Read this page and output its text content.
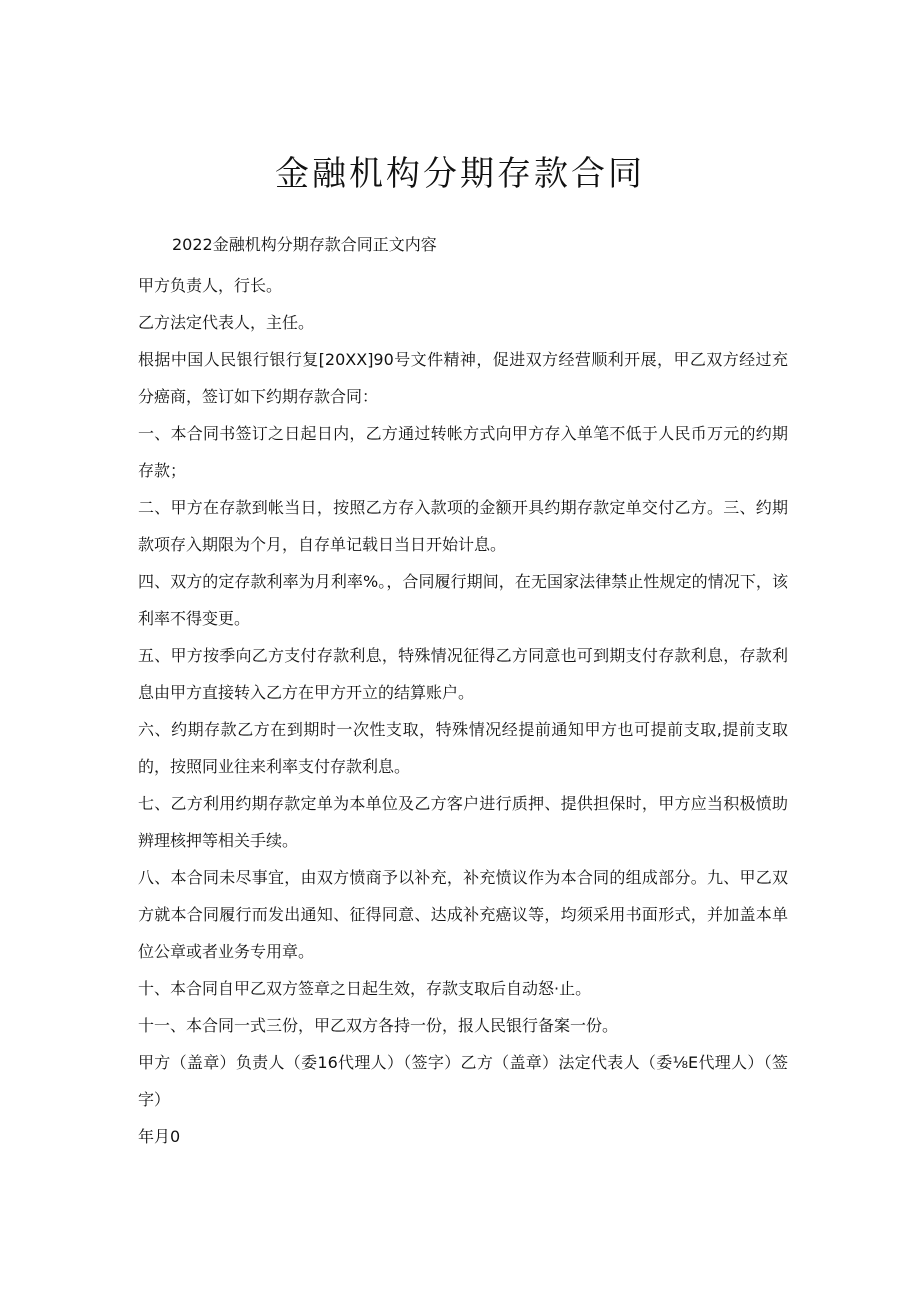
金融机构分期存款合同

2022金融机构分期存款合同正文内容

甲方负责人，行长。

乙方法定代表人，主任。

根据中国人民银行银行复[20XX]90号文件精神，促进双方经营顺利开展，甲乙双方经过充分癌商，签订如下约期存款合同：

一、本合同书签订之日起日内，乙方通过转帐方式向甲方存入单笔不低于人民币万元的约期存款；

二、甲方在存款到帐当日，按照乙方存入款项的金额开具约期存款定单交付乙方。三、约期款项存入期限为个月，自存单记载日当日开始计息。

四、双方的定存款利率为月利率%。，合同履行期间，在无国家法律禁止性规定的情况下，该利率不得变更。

五、甲方按季向乙方支付存款利息，特殊情况征得乙方同意也可到期支付存款利息，存款利息由甲方直接转入乙方在甲方开立的结算账户。

六、约期存款乙方在到期时一次性支取，特殊情况经提前通知甲方也可提前支取,提前支取的，按照同业往来利率支付存款利息。

七、乙方利用约期存款定单为本单位及乙方客户进行质押、提供担保时，甲方应当积极愤助辨理核押等相关手续。

八、本合同未尽事宜，由双方愤商予以补充，补充愤议作为本合同的组成部分。九、甲乙双方就本合同履行而发出通知、征得同意、达成补充癌议等，均须采用书面形式，并加盖本单位公章或者业务专用章。

十、本合同自甲乙双方签章之日起生效，存款支取后自动怒·止。

十一、本合同一式三份，甲乙双方各持一份，报人民银行备案一份。

甲方（盖章）负责人（委16代理人）（签字）乙方（盖章）法定代表人（委⅛E代理人）（签字）

年月0
